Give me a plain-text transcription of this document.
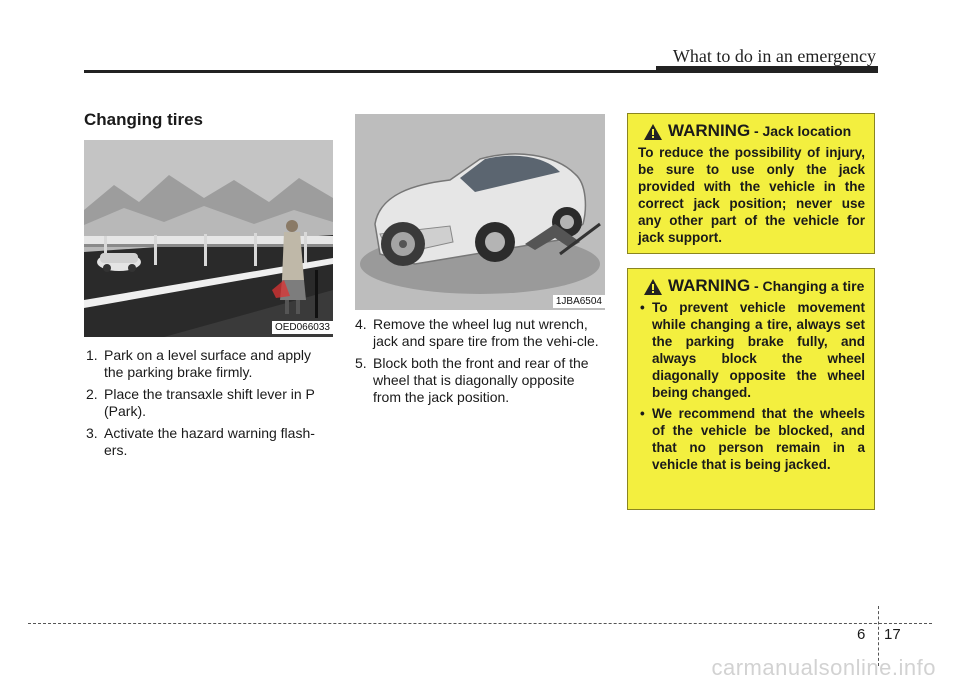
What to do in an emergency
Changing tires
OED066033
1JBA6504
1. Park on a level surface and apply the parking brake firmly.
2. Place the transaxle shift lever in P (Park).
3. Activate the hazard warning flash-ers.
4. Remove the wheel lug nut wrench, jack and spare tire from the vehi-cle.
5. Block both the front and rear of the wheel that is diagonally opposite from the jack position.
WARNING - Jack location
To reduce the possibility of injury, be sure to use only the jack provided with the vehicle in the correct jack position; never use any other part of the vehicle for jack support.
WARNING - Changing a tire
• To prevent vehicle movement while changing a tire, always set the parking brake fully, and always block the wheel diagonally opposite the wheel being changed.
• We recommend that the wheels of the vehicle be blocked, and that no person remain in a vehicle that is being jacked.
6 17
carmanualsonline.info
